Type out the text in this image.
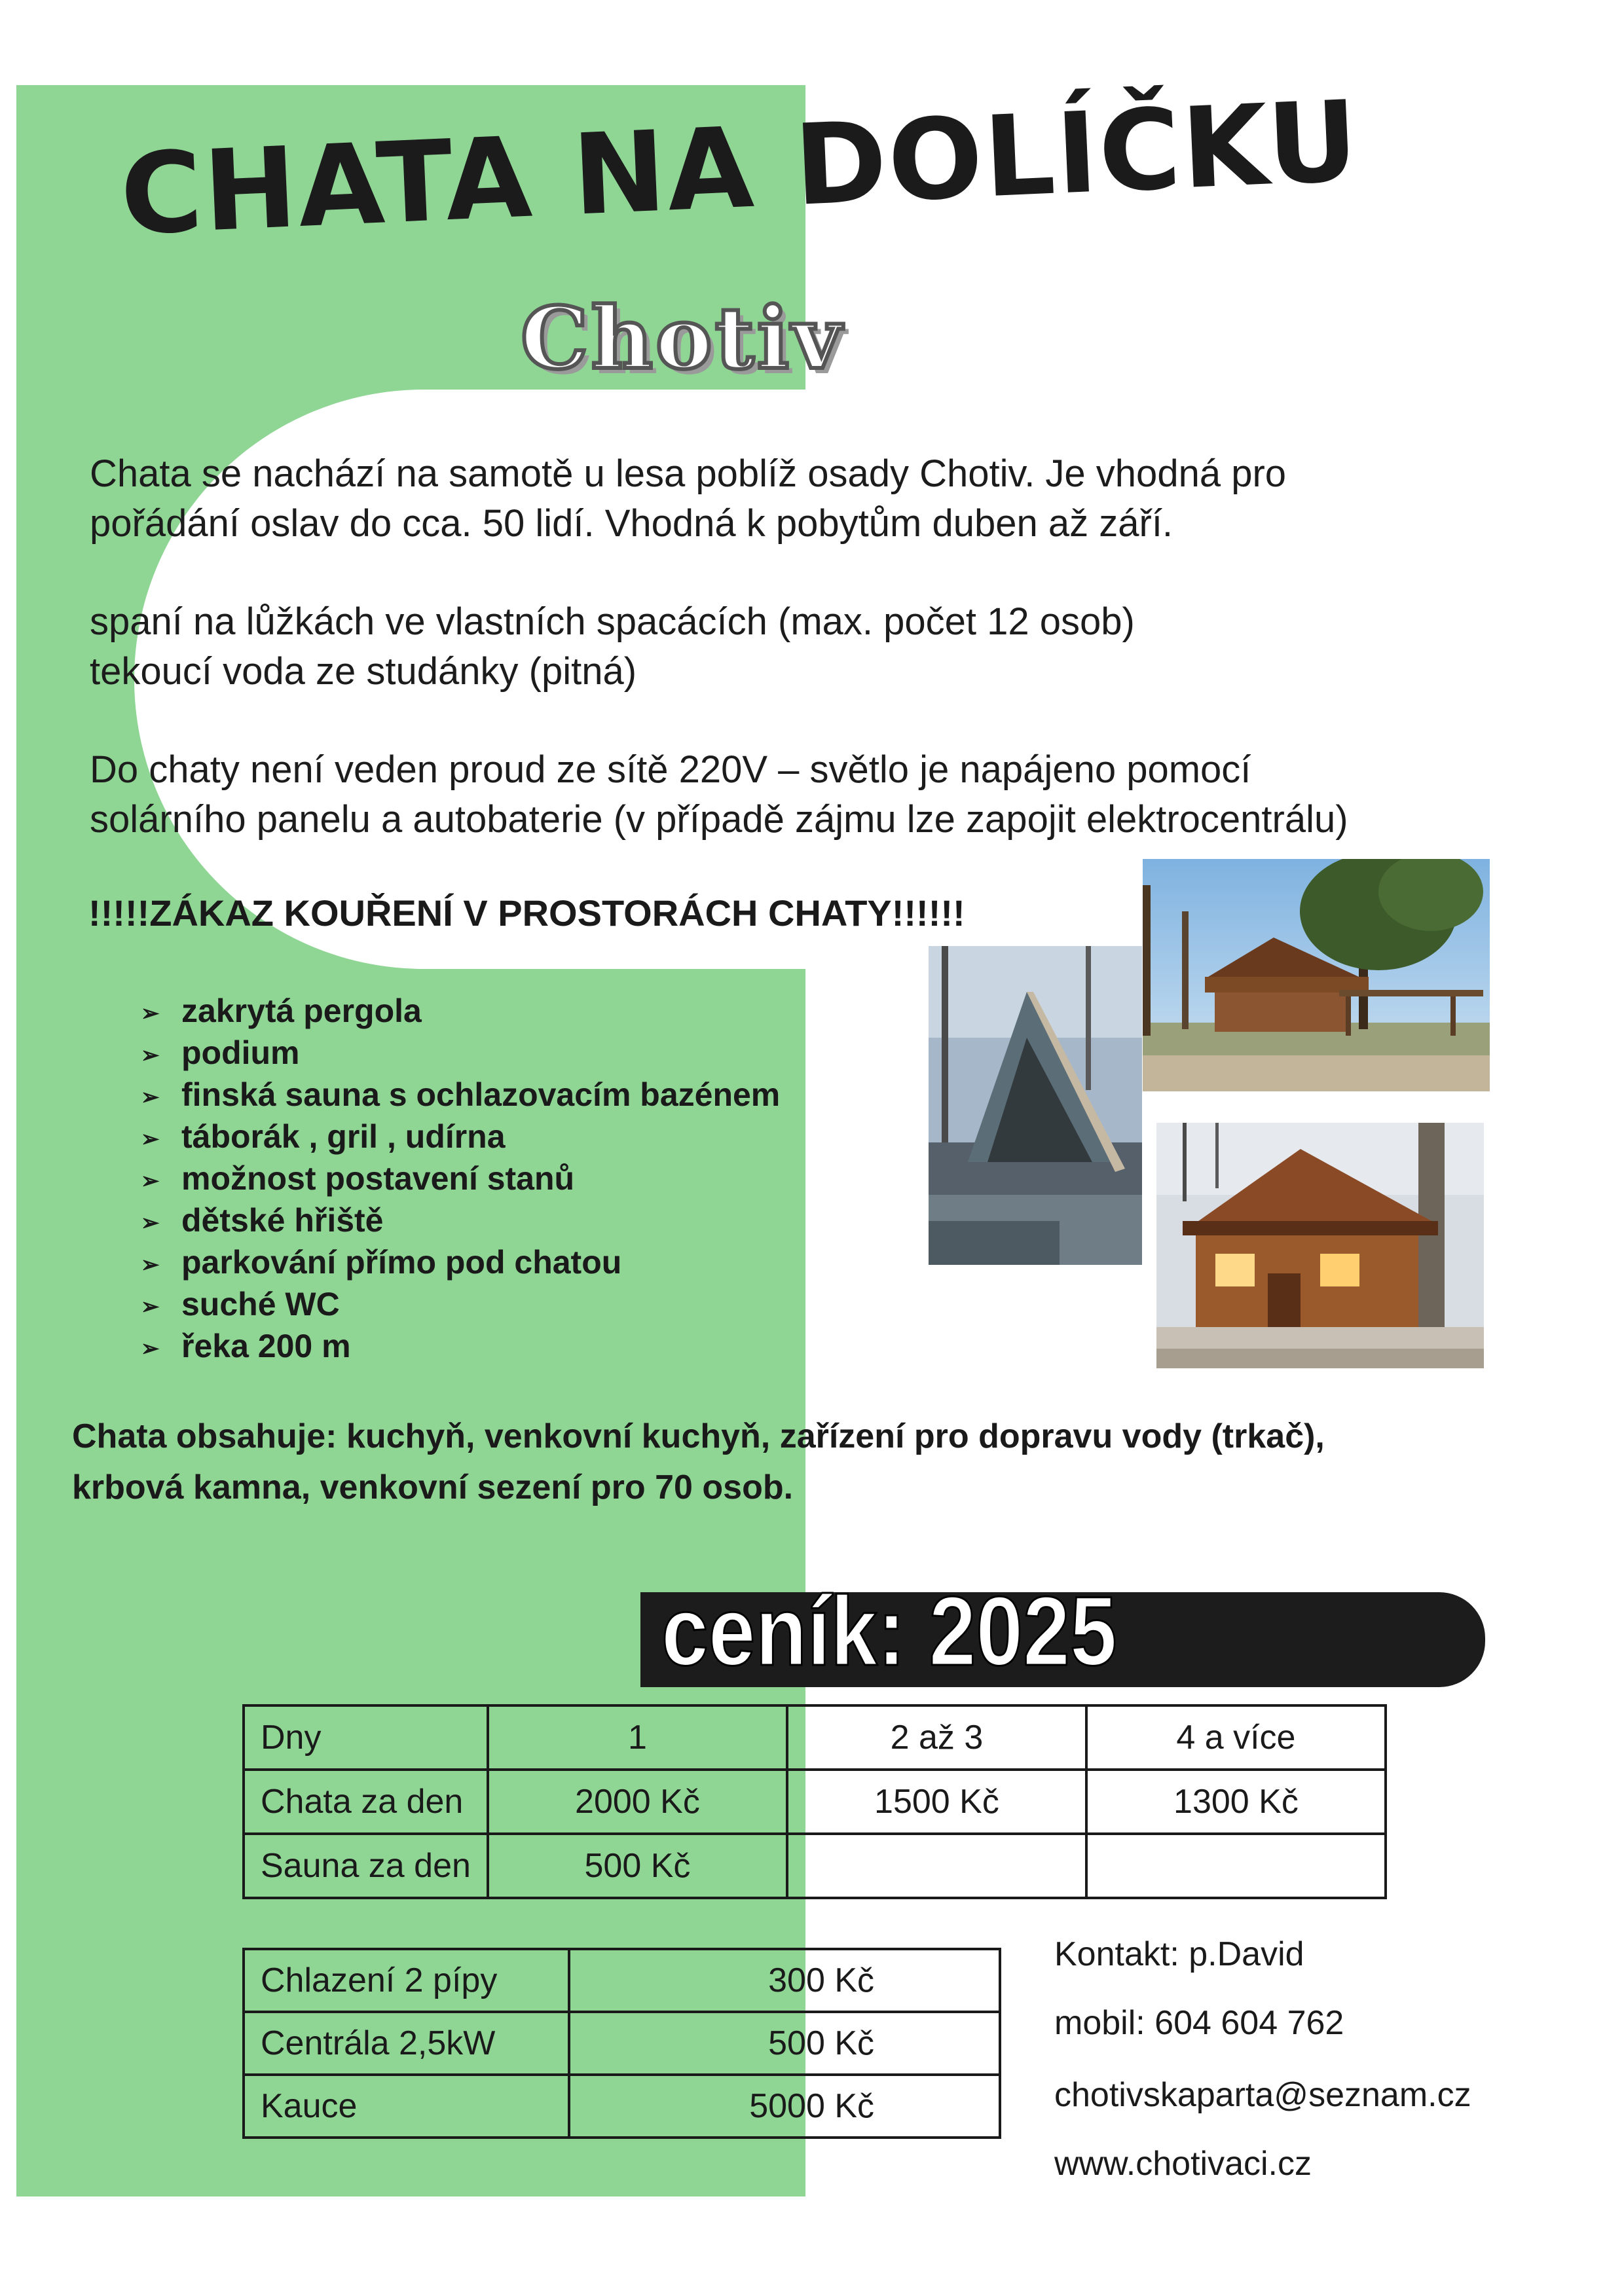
CHATA NA DOLÍČKU
Chotiv
Chata se nachází na samotě u lesa poblíž osady Chotiv. Je vhodná pro
pořádání oslav do cca. 50 lidí. Vhodná k pobytům duben až září.
spaní na lůžkách ve vlastních spacácích (max. počet 12 osob)
tekoucí voda ze studánky (pitná)
Do chaty není veden proud ze sítě 220V – světlo je napájeno pomocí
solárního panelu a autobaterie (v případě zájmu lze zapojit elektrocentrálu)
!!!!!ZÁKAZ KOUŘENÍ V PROSTORÁCH CHATY!!!!!!
➢ zakrytá pergola
➢ podium
➢ finská sauna s ochlazovacím bazénem
➢ táborák , gril , udírna
➢ možnost postavení stanů
➢ dětské hřiště
➢ parkování přímo pod chatou
➢ suché WC
➢ řeka 200 m
Chata obsahuje: kuchyň, venkovní kuchyň, zařízení pro dopravu vody (trkač),
krbová kamna, venkovní sezení pro 70 osob.
ceník: 2025
Dny	1	2 až 3	4 a více
Chata za den	2000 Kč	1500 Kč	1300 Kč
Sauna za den	500 Kč		
Chlazení 2 pípy	300 Kč
Centrála 2,5kW	500 Kč
Kauce	5000 Kč
Kontakt: p.David
mobil: 604 604 762
chotivskaparta@seznam.cz
www.chotivaci.cz
